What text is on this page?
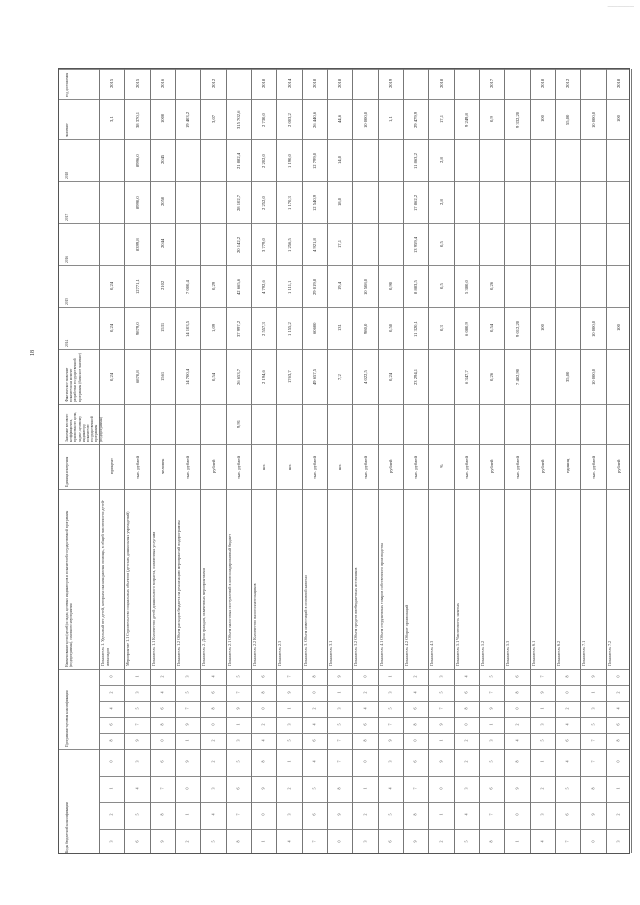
___________
18
Коды бюджетной классификации
Программно-целевая классификация
Наименование цели (целей) и задач, целевых индикаторов и показателей государственной программы (подпрограммы), основного мероприятия
Единица измерения
Значение весового коэффициента, присвоенного цели, задаче, целевому индикатору, показателю государственной программы (подпрограммы)
Фактическое значение показателя на момент разработки государственной программы (базисное значение)
2014
2015
2016
2017
2018
значение
год достижения
Показатель 1. Удельный вес детей, которым оказана ранняя помощь, в общей численности детей-инвалидов
процент
0,24
0,24
0,24
3,1
2015
0
1
2
3
0
2
4
6
8
Мероприятие 1.1 Строительство социальных объектов (детских дошкольных учреждений)
тыс. рублей
6870,8
9879,0
12771,1
8399,8
8990,0
8996,0
38 370,1
2015
3
4
5
6
1
3
5
7
9
Показатель 1.1 Количество детей дошкольного возраста, охваченных услугами
человек
1561
1531
2102
2044
2050
2045
1000
2016
6
7
8
9
2
4
6
8
0
Показатель 1.2 Объем расходов бюджета на реализацию мероприятий подпрограммы
тыс. рублей
14 700,4
14 103,5
7 000,4
19 403,2
9
0
1
2
3
5
7
9
1
Показатель 2. Доля граждан, охваченных мероприятиями
рублей
0,54
1,09
0,29
3,07
2012
2
3
4
5
4
6
8
0
2
Показатель 2.1 Объем налоговых поступлений в консолидированный бюджет
тыс. рублей
9,91
26 653,7
37 997,2
42 665,6
20 142,2
28 102,7
21 882,4
315 702,6
5
6
7
8
5
7
9
1
3
Показатель 2.2 Количество налогоплательщиков
шт.
2 194,6
2 557,3
4 792,6
3 779,0
2 252,0
2 202,0
2 730,0
2018
8
9
0
1
6
8
0
2
4
Показатель 2.3
шт.
1763,7
1 155,2
1 111,1
1 256,5
1 170,3
1 190,0
2 003,2
2014
1
2
3
4
7
9
1
3
5
Показатель 3. Объем инвестиций в основной капитал
тыс. рублей
49 657,5
60600
29 019,8
4 921,8
12 540,9
12 799,0
26 440,6
2018
4
5
6
7
8
0
2
4
6
Показатель 3.1
шт.
7,2
131
19,4
17,1
18,0
14,0
44,6
2018
7
8
9
0
9
1
3
5
7
Показатель 3.2 Объем средств внебюджетных источников
тыс. рублей
4 022,5
980,0
10 508,0
10 000,0
0
1
2
3
0
2
4
6
8
Показатель 4.1 Объем отгруженных товаров собственного производства
рублей
0,24
0,50
0,90
1,1
2019
3
4
5
6
1
3
5
7
9
Показатель 4.2 Оборот организаций
тыс. рублей
23 294,1
11 320,1
8 883,5
13 959,4
17 862,2
11 863,2
29 479,9
6
7
8
9
2
4
6
8
0
Показатель 4.3
%
0,3
0,5
0,5
2,8
2,8
17,1
2018
9
0
1
2
3
5
7
9
1
Показатель 5.1 Численность занятых
тыс. рублей
6 347,7
6 080,9
5 380,0
9 249,8
2
3
4
5
4
6
8
0
2
Показатель 5.2
рублей
0,26
0,54
0,26
0,9
2017
5
6
7
8
5
7
9
1
3
Показатель 5.3
тыс. рублей
7 402,90
9 012,20
9 332,20
8
9
0
1
6
8
0
2
4
Показатель 6.1
рублей
100
100
2018
1
2
3
4
7
9
1
3
5
Показатель 6.2
единиц
35,00
55,00
2012
4
5
6
7
8
0
2
4
6
Показатель 7.1
тыс. рублей
10 000,0
10 000,0
10 000,0
7
8
9
0
9
1
3
5
7
Показатель 7.2
рублей
100
100
2018
0
1
2
3
0
2
4
6
8
